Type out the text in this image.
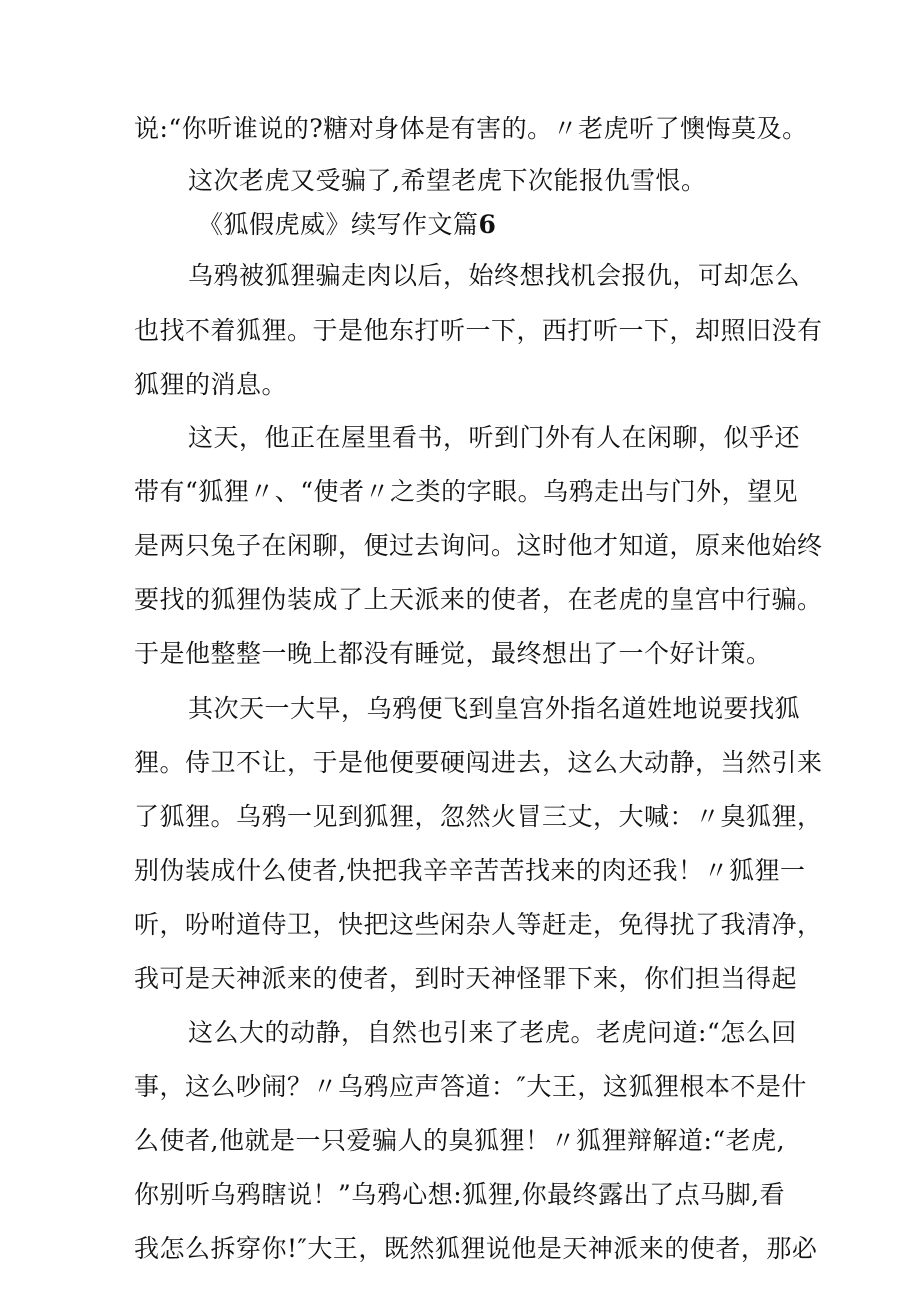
说:“你听谁说的?糖对身体是有害的。〃老虎听了懊悔莫及。
这次老虎又受骗了,希望老虎下次能报仇雪恨。
《狐假虎威》续写作文篇6
乌鸦被狐狸骗走肉以后，始终想找机会报仇，可却怎么
也找不着狐狸。于是他东打听一下，西打听一下，却照旧没有
狐狸的消息。
这天，他正在屋里看书，听到门外有人在闲聊，似乎还
带有“狐狸〃、“使者〃之类的字眼。乌鸦走出与门外，望见
是两只兔子在闲聊，便过去询问。这时他才知道，原来他始终
要找的狐狸伪装成了上天派来的使者，在老虎的皇宫中行骗。
于是他整整一晚上都没有睡觉，最终想出了一个好计策。
其次天一大早，乌鸦便飞到皇宫外指名道姓地说要找狐
狸。侍卫不让，于是他便要硬闯进去，这么大动静，当然引来
了狐狸。乌鸦一见到狐狸，忽然火冒三丈，大喊：〃臭狐狸，
别伪装成什么使者,快把我辛辛苦苦找来的肉还我！〃狐狸一
听，吩咐道侍卫，快把这些闲杂人等赶走，免得扰了我清净，
我可是天神派来的使者，到时天神怪罪下来，你们担当得起
这么大的动静，自然也引来了老虎。老虎问道:“怎么回
事，这么吵闹？〃乌鸦应声答道：″大王，这狐狸根本不是什
么使者,他就是一只爱骗人的臭狐狸！〃狐狸辩解道:“老虎,
你别听乌鸦瞎说！”乌鸦心想:狐狸,你最终露出了点马脚,看
我怎么拆穿你!″大王，既然狐狸说他是天神派来的使者，那必
